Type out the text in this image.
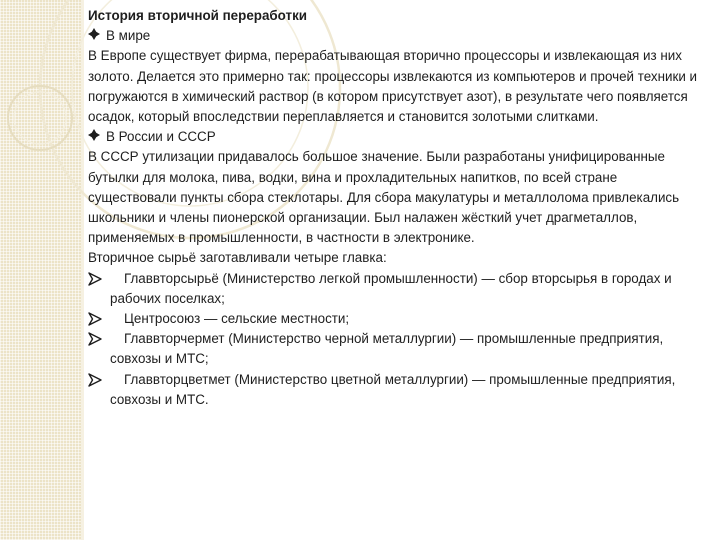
История вторичной переработки

В мире

В Европе существует фирма, перерабатывающая вторично процессоры и извлекающая из них золото. Делается это примерно так: процессоры извлекаются из компьютеров и прочей техники и погружаются в химический раствор (в котором присутствует азот), в результате чего появляется осадок, который впоследствии переплавляется и становится золотыми слитками.

В России и СССР

В СССР утилизации придавалось большое значение. Были разработаны унифицированные бутылки для молока, пива, водки, вина и прохладительных напитков, по всей стране существовали пункты сбора стеклотары. Для сбора макулатуры и металлолома привлекались школьники и члены пионерской организации. Был налажен жёсткий учет драгметаллов, применяемых в промышленности, в частности в электронике.

Вторичное сырьё заготавливали четыре главка:

Главвторсырьё (Министерство легкой промышленности) — сбор вторсырья в городах и рабочих поселках;
Центросоюз — сельские местности;
Главвторчермет (Министерство черной металлургии) — промышленные предприятия, совхозы и МТС;
Главвторцветмет (Министерство цветной металлургии) — промышленные предприятия, совхозы и МТС.
